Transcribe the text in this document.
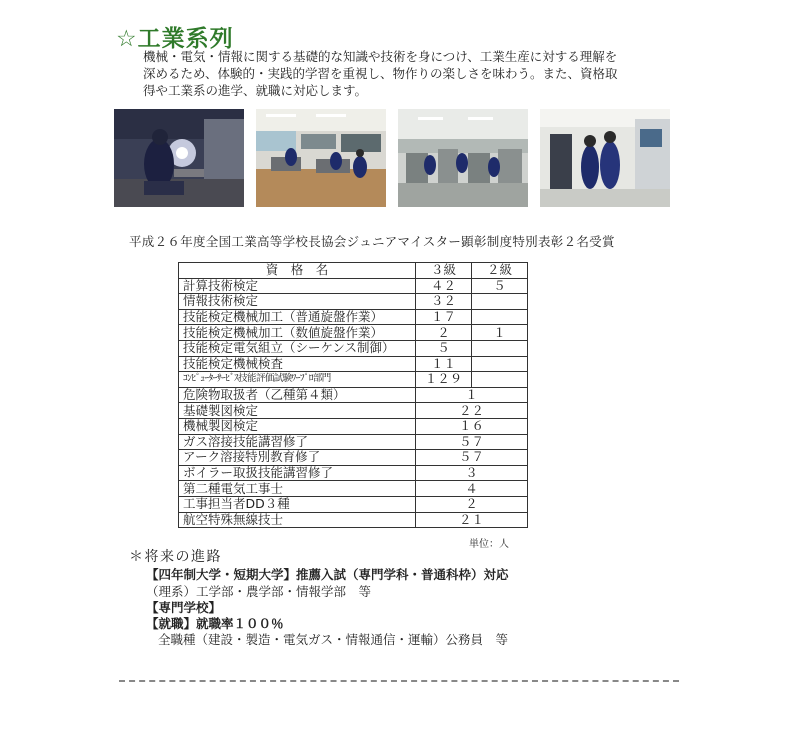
☆工業系列
機械・電気・情報に関する基礎的な知識や技術を身につけ、工業生産に対する理解を
深めるため、体験的・実践的学習を重視し、物作りの楽しさを味わう。また、資格取
得や工業系の進学、就職に対応します。
平成２６年度全国工業高等学校長協会ジュニアマイスター顕彰制度特別表彰２名受賞
資　格　名	３級	２級
計算技術検定	４２	５
情報技術検定	３２	
技能検定機械加工（普通旋盤作業）	１７	
技能検定機械加工（数値旋盤作業）	２	１
技能検定電気組立（シーケンス制御）	５	
技能検定機械検査	１１	
ｺﾝﾋﾟｭｰﾀｰｻｰﾋﾞｽ技能評価試験ﾜｰﾌﾟﾛ部門	１２９	
危険物取扱者（乙種第４類）	１	
基礎製図検定	２２	
機械製図検定	１６	
ガス溶接技能講習修了	５７	
アーク溶接特別教育修了	５７	
ボイラー取扱技能講習修了	３	
第二種電気工事士	４	
工事担当者DD３種	２	
航空特殊無線技士	２１	
単位：人
＊将来の進路
【四年制大学・短期大学】推薦入試（専門学科・普通科枠）対応
（理系）工学部・農学部・情報学部　等
【専門学校】
【就職】就職率１００％
全職種（建設・製造・電気ガス・情報通信・運輸）公務員　等
